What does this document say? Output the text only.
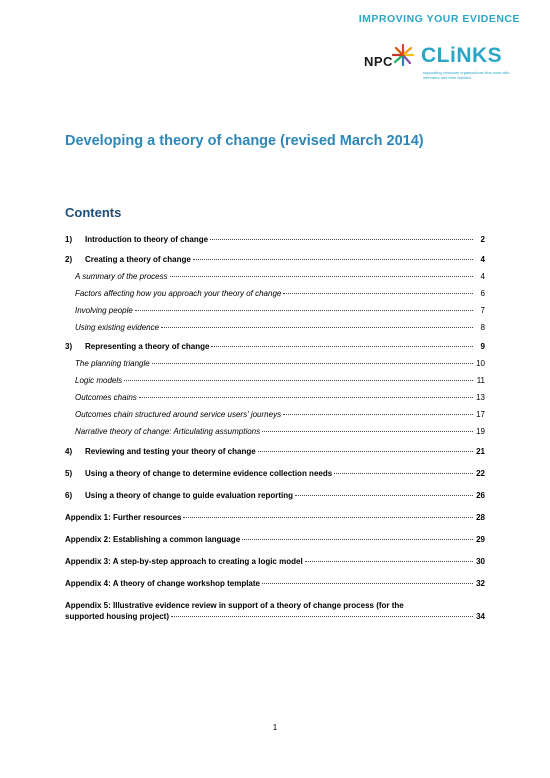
IMPROVING YOUR EVIDENCE
NPC CLiNKS
supporting voluntary organisations that work with offenders and their families
Developing a theory of change (revised March 2014)
Contents
1)	Introduction to theory of change	2
2)	Creating a theory of change	4
A summary of the process	4
Factors affecting how you approach your theory of change	6
Involving people	7
Using existing evidence	8
3)	Representing a theory of change	9
The planning triangle	10
Logic models	11
Outcomes chains	13
Outcomes chain structured around service users' journeys	17
Narrative theory of change: Articulating assumptions	19
4)	Reviewing and testing your theory of change	21
5)	Using a theory of change to determine evidence collection needs	22
6)	Using a theory of change to guide evaluation reporting	26
Appendix 1: Further resources	28
Appendix 2: Establishing a common language	29
Appendix 3: A step-by-step approach to creating a logic model	30
Appendix 4: A theory of change workshop template	32
Appendix 5: Illustrative evidence review in support of a theory of change process (for the
supported housing project)	34
1
